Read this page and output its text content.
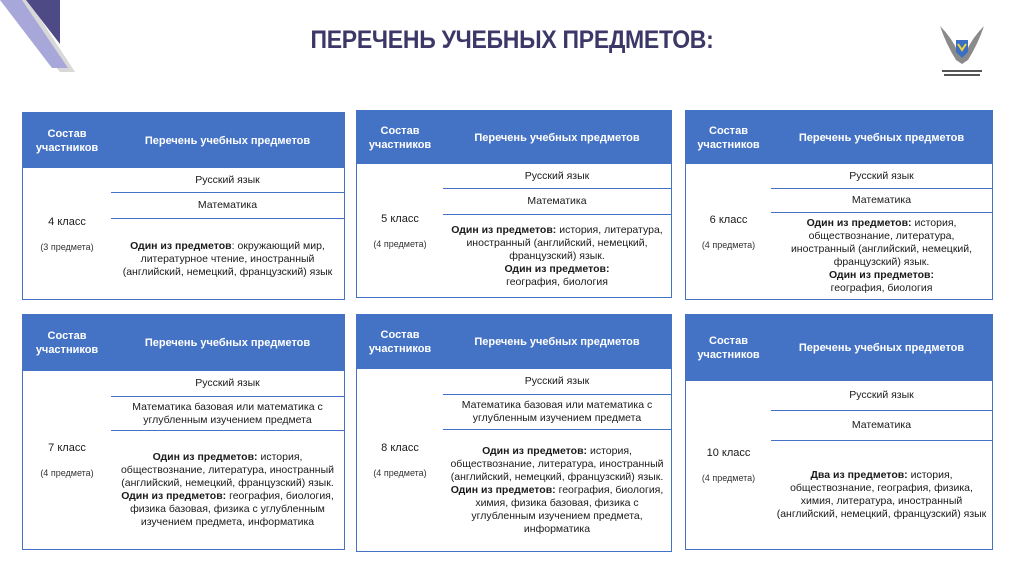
ПЕРЕЧЕНЬ УЧЕБНЫХ ПРЕДМЕТОВ:
Состав участников
Перечень учебных предметов
4 класс
(3 предмета)
Русский язык
Математика
Один из предметов: окружающий мир, литературное чтение, иностранный (английский, немецкий, французский) язык
Состав участников
Перечень учебных предметов
5 класс
(4 предмета)
Русский язык
Математика
Один из предметов: история, литература, иностранный (английский, немецкий, французский) язык.
Один из предметов:
география, биология
Состав участников
Перечень учебных предметов
6 класс
(4 предмета)
Русский язык
Математика
Один из предметов: история, обществознание, литература, иностранный (английский, немецкий, французский) язык.
Один из предметов:
география, биология
Состав участников
Перечень учебных предметов
7 класс
(4 предмета)
Русский язык
Математика базовая или математика с углубленным изучением предмета
Один из предметов: история, обществознание, литература, иностранный (английский, немецкий, французский) язык.
Один из предметов: география, биология, физика базовая, физика с углубленным изучением предмета, информатика
Состав участников
Перечень учебных предметов
8 класс
(4 предмета)
Русский язык
Математика базовая или математика с углубленным изучением предмета
Один из предметов: история, обществознание, литература, иностранный (английский, немецкий, французский) язык.
Один из предметов: география, биология, химия, физика базовая, физика с углубленным изучением предмета, информатика
Состав участников
Перечень учебных предметов
10 класс
(4 предмета)
Русский язык
Математика
Два из предметов: история, обществознание, география, физика, химия, литература, иностранный (английский, немецкий, французский) язык
